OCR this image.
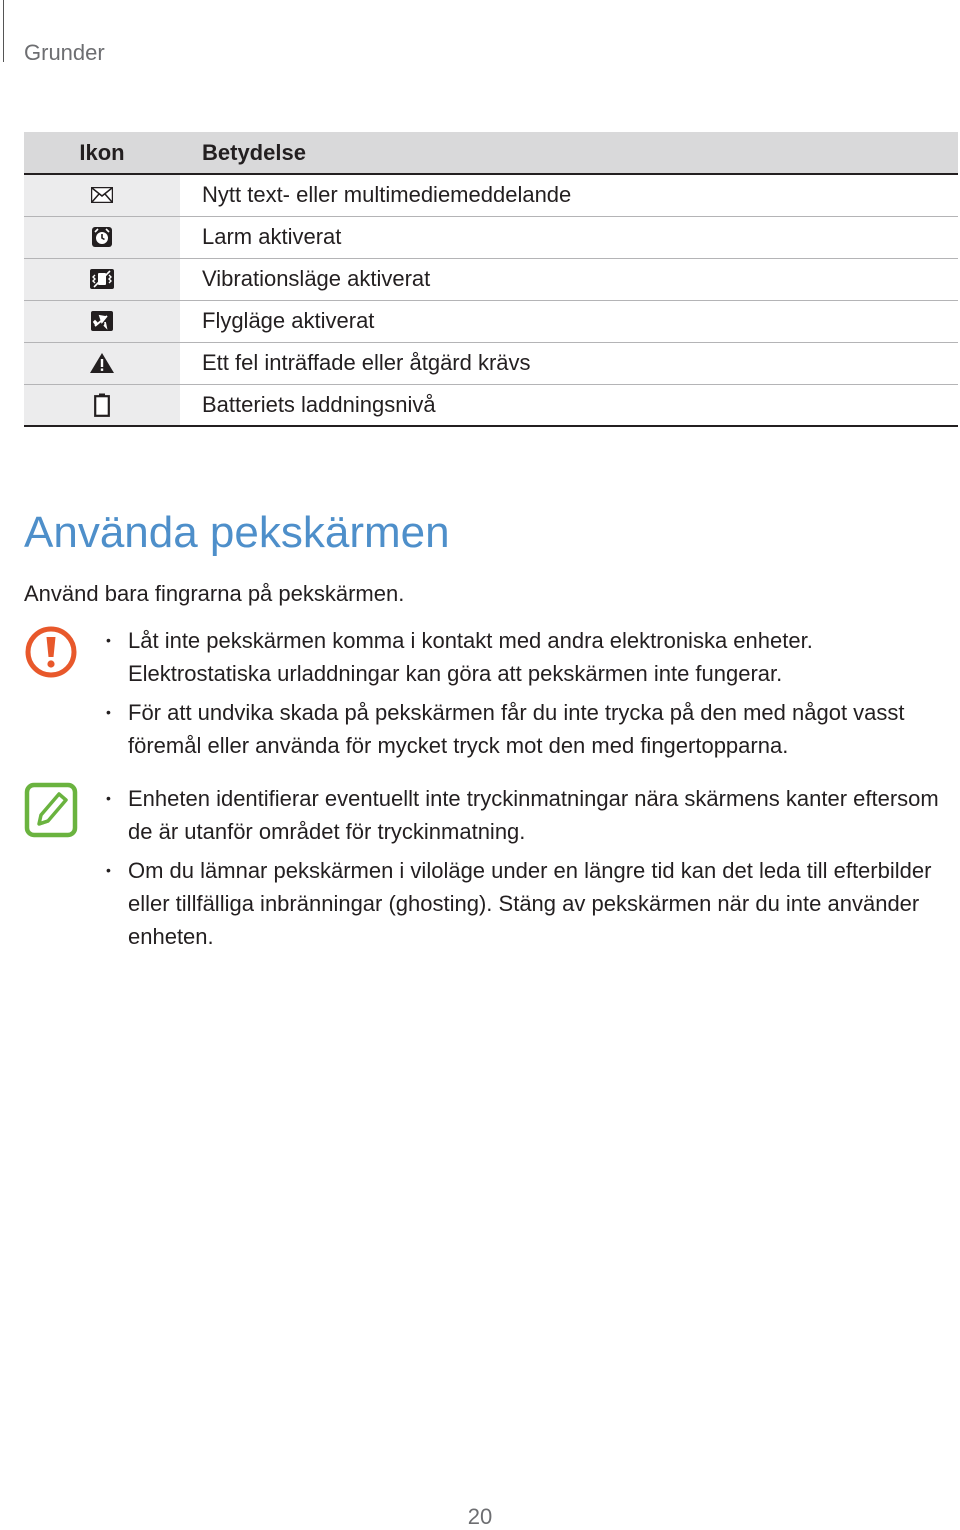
Grunder
Ikon	Betydelse
	Nytt text- eller multimediemeddelande
	Larm aktiverat
	Vibrationsläge aktiverat
	Flygläge aktiverat
	Ett fel inträffade eller åtgärd krävs
	Batteriets laddningsnivå
Använda pekskärmen

Använd bara fingrarna på pekskärmen.

• Låt inte pekskärmen komma i kontakt med andra elektroniska enheter. Elektrostatiska urladdningar kan göra att pekskärmen inte fungerar.
• För att undvika skada på pekskärmen får du inte trycka på den med något vasst föremål eller använda för mycket tryck mot den med fingertopparna.
• Enheten identifierar eventuellt inte tryckinmatningar nära skärmens kanter eftersom de är utanför området för tryckinmatning.
• Om du lämnar pekskärmen i viloläge under en längre tid kan det leda till efterbilder eller tillfälliga inbränningar (ghosting). Stäng av pekskärmen när du inte använder enheten.
20
